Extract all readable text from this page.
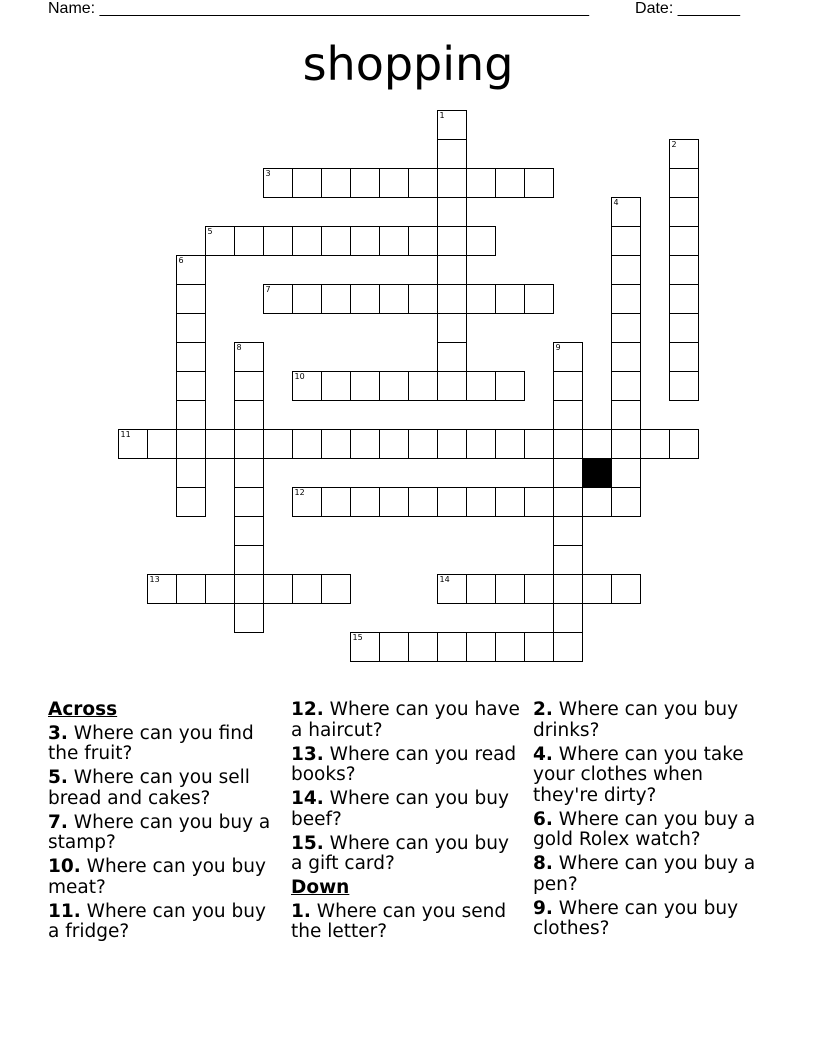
Name: _______________________________________________________	Date: _______
shopping
1
2
3
4
5
6
7
8	9
10
11
12
13	14
15
Across
3. Where can you find the fruit?
5. Where can you sell bread and cakes?
7. Where can you buy a stamp?
10. Where can you buy meat?
11. Where can you buy a fridge?
12. Where can you have a haircut?
13. Where can you read books?
14. Where can you buy beef?
15. Where can you buy a gift card?
Down
1. Where can you send the letter?
2. Where can you buy drinks?
4. Where can you take your clothes when they're dirty?
6. Where can you buy a gold Rolex watch?
8. Where can you buy a pen?
9. Where can you buy clothes?
